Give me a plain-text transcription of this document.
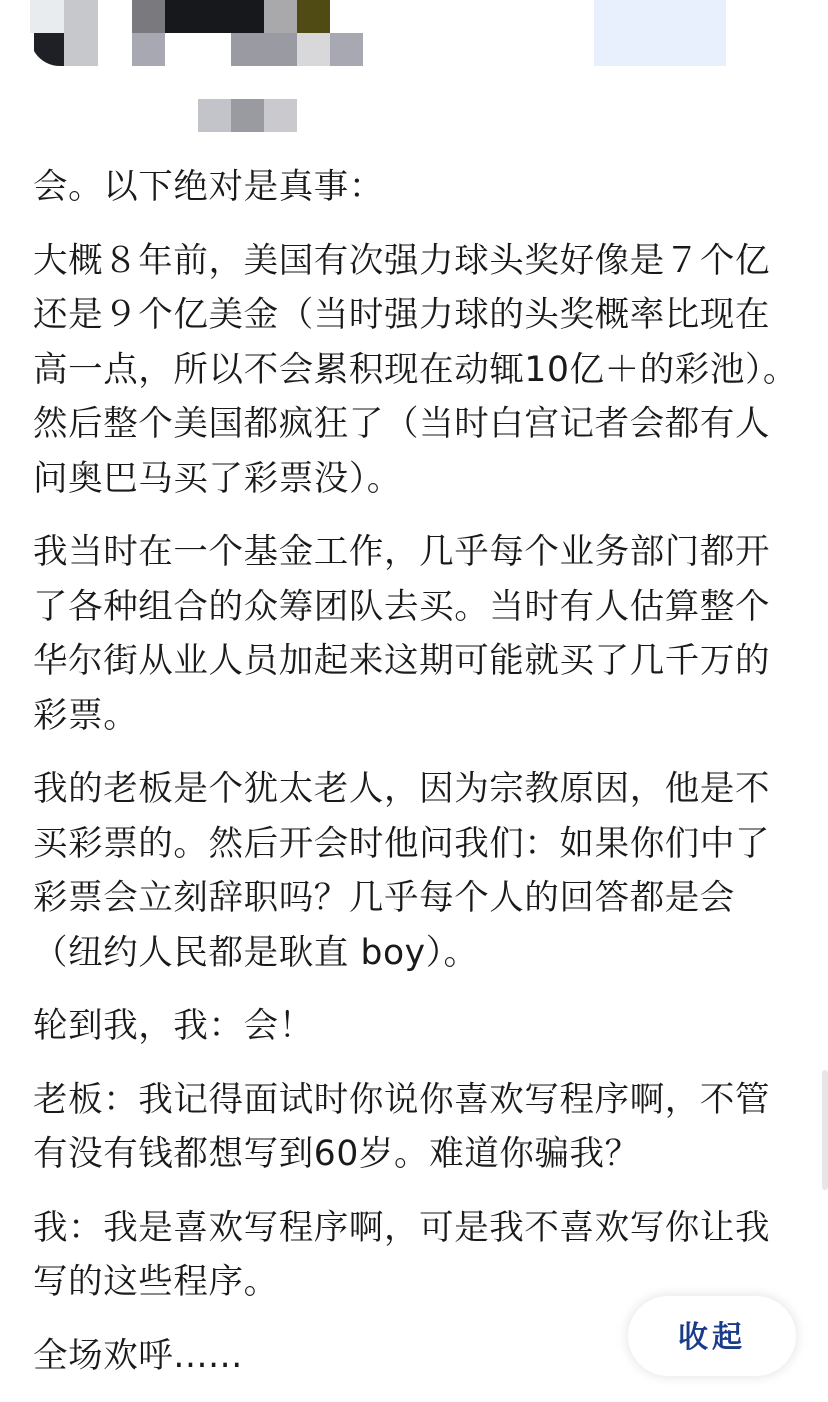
会。以下绝对是真事：

大概８年前，美国有次强力球头奖好像是７个亿还是９个亿美金（当时强力球的头奖概率比现在高一点，所以不会累积现在动辄10亿＋的彩池）。然后整个美国都疯狂了（当时白宫记者会都有人问奥巴马买了彩票没）。

我当时在一个基金工作，几乎每个业务部门都开了各种组合的众筹团队去买。当时有人估算整个华尔街从业人员加起来这期可能就买了几千万的彩票。

我的老板是个犹太老人，因为宗教原因，他是不买彩票的。然后开会时他问我们：如果你们中了彩票会立刻辞职吗？几乎每个人的回答都是会（纽约人民都是耿直 boy）。

轮到我，我：会！

老板：我记得面试时你说你喜欢写程序啊，不管有没有钱都想写到60岁。难道你骗我？

我：我是喜欢写程序啊，可是我不喜欢写你让我写的这些程序。

全场欢呼......	收起
